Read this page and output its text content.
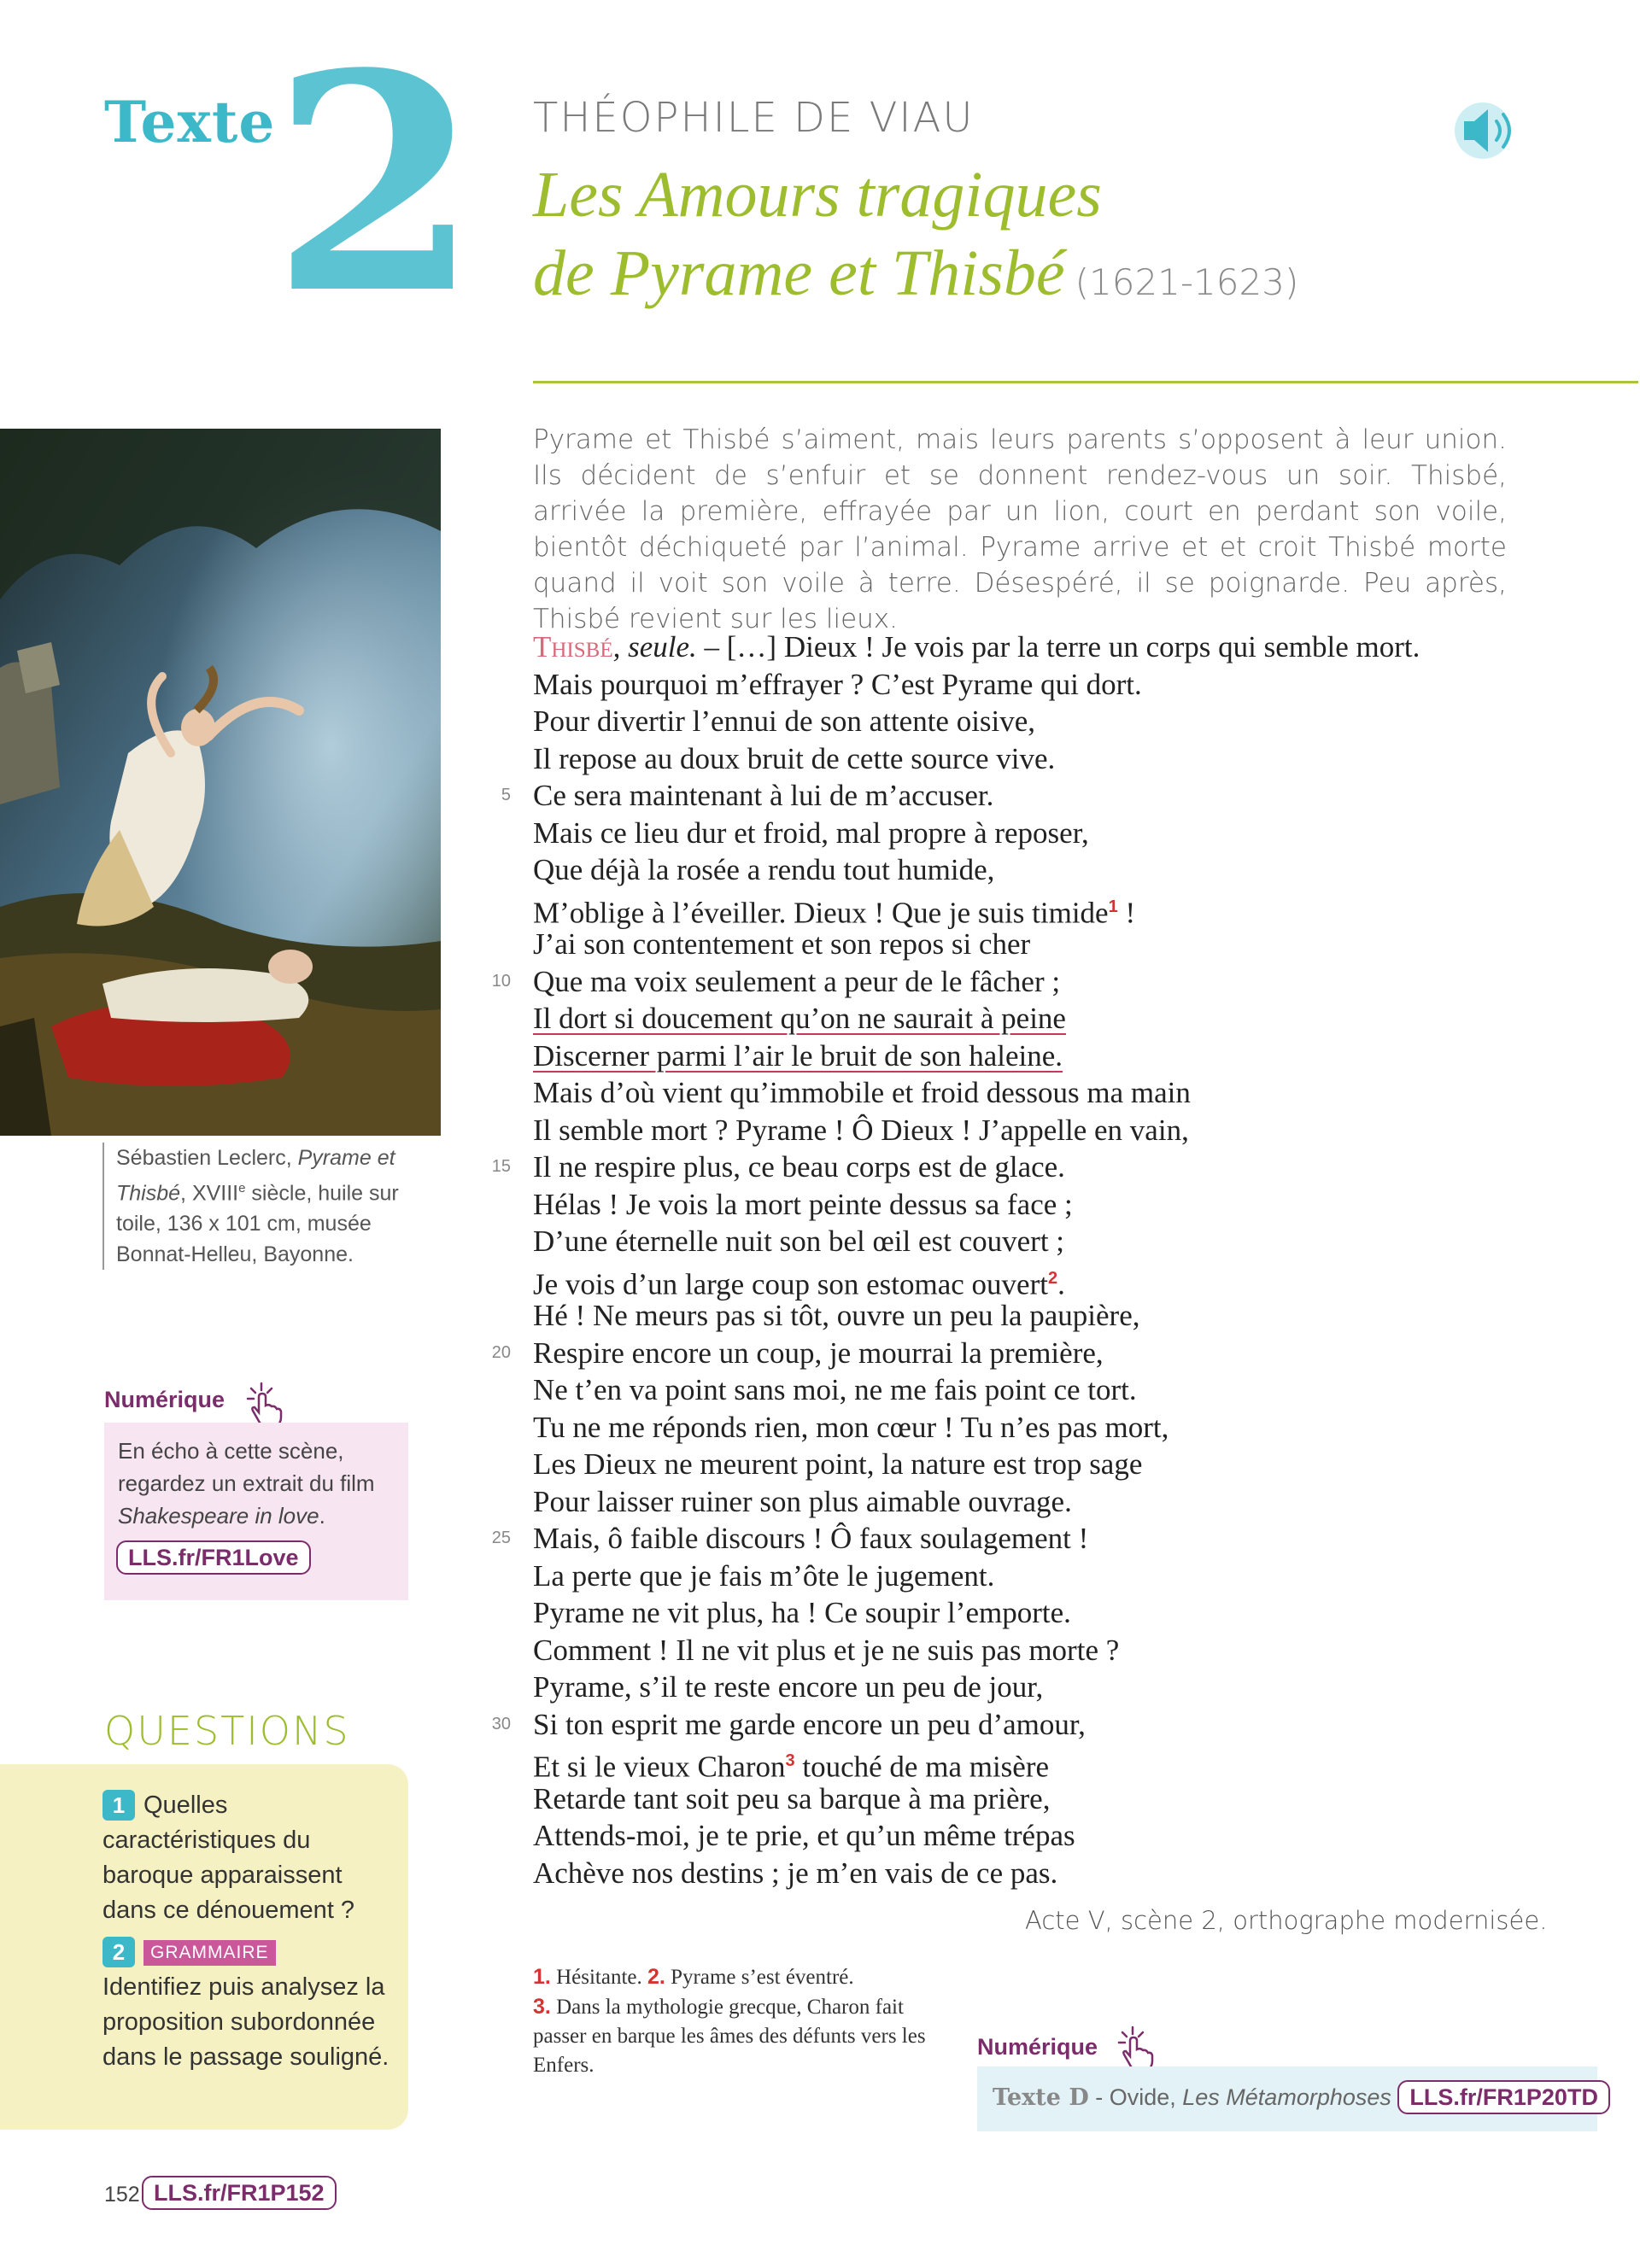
Texte
2 THÉOPHILE DE VIAU
Les Amours tragiques
de Pyrame et Thisbé (1621-1623)
Sébastien Leclerc, Pyrame et Thisbé, XVIIIe siècle, huile sur toile, 136 x 101 cm, musée Bonnat-Helleu, Bayonne.
Pyrame et Thisbé s’aiment, mais leurs parents s’opposent à leur union. Ils décident de s’enfuir et se donnent rendez-vous un soir. Thisbé, arrivée la première, effrayée par un lion, court en perdant son voile, bientôt déchiqueté par l’animal. Pyrame arrive et et croit Thisbé morte quand il voit son voile à terre. Désespéré, il se poignarde. Peu après, Thisbé revient sur les lieux.
Thisbé, seule. – […] Dieux ! Je vois par la terre un corps qui semble mort.
Mais pourquoi m’effrayer ? C’est Pyrame qui dort.
Pour divertir l’ennui de son attente oisive,
Il repose au doux bruit de cette source vive.
5 Ce sera maintenant à lui de m’accuser.
Mais ce lieu dur et froid, mal propre à reposer,
Que déjà la rosée a rendu tout humide,
M’oblige à l’éveiller. Dieux ! Que je suis timide$^1$ !
J’ai son contentement et son repos si cher
10 Que ma voix seulement a peur de le fâcher ;
Il dort si doucement qu’on ne saurait à peine
Discerner parmi l’air le bruit de son haleine.
Mais d’où vient qu’immobile et froid dessous ma main
Il semble mort ? Pyrame ! Ô Dieux ! J’appelle en vain,
15 Il ne respire plus, ce beau corps est de glace.
Hélas ! Je vois la mort peinte dessus sa face ;
D’une éternelle nuit son bel œil est couvert ;
Je vois d’un large coup son estomac ouvert$^2$.
Hé ! Ne meurs pas si tôt, ouvre un peu la paupière,
20 Respire encore un coup, je mourrai la première,
Ne t’en va point sans moi, ne me fais point ce tort.
Tu ne me réponds rien, mon cœur ! Tu n’es pas mort,
Les Dieux ne meurent point, la nature est trop sage
Pour laisser ruiner son plus aimable ouvrage.
25 Mais, ô faible discours ! Ô faux soulagement !
La perte que je fais m’ôte le jugement.
Pyrame ne vit plus, ha ! Ce soupir l’emporte.
Comment ! Il ne vit plus et je ne suis pas morte ?
Pyrame, s’il te reste encore un peu de jour,
30 Si ton esprit me garde encore un peu d’amour,
Et si le vieux Charon$^3$ touché de ma misère
Retarde tant soit peu sa barque à ma prière,
Attends-moi, je te prie, et qu’un même trépas
Achève nos destins ; je m’en vais de ce pas.
Acte V, scène 2, orthographe modernisée.
1. Hésitante. 2. Pyrame s’est éventré.
3. Dans la mythologie grecque, Charon fait passer en barque les âmes des défunts vers les Enfers.
Numérique
En écho à cette scène, regardez un extrait du film Shakespeare in love.
LLS.fr/FR1Love
QUESTIONS
1 Quelles caractéristiques du baroque apparaissent dans ce dénouement ?
2 GRAMMAIRE
Identifiez puis analysez la proposition subordonnée dans le passage souligné.	Numérique
Texte D - Ovide, Les Métamorphoses LLS.fr/FR1P20TD
152 LLS.fr/FR1P152
